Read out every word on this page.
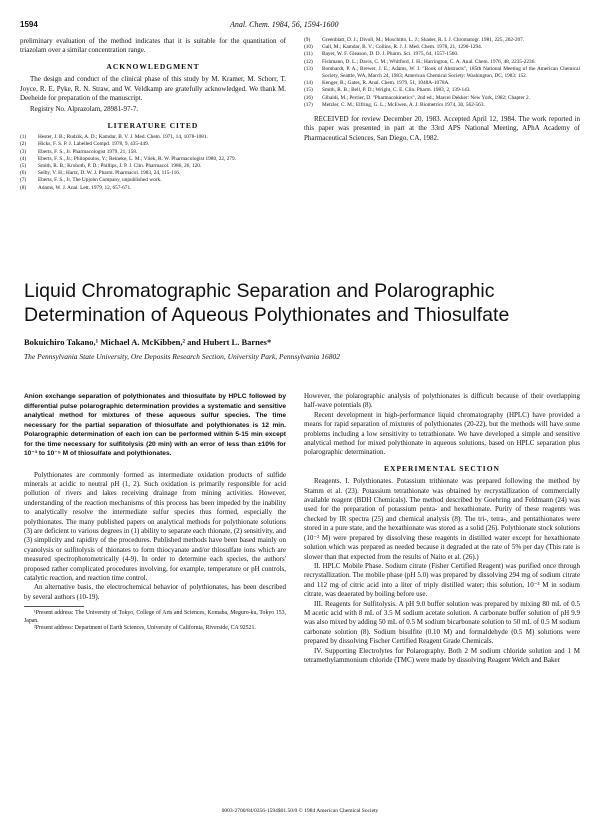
1594	Anal. Chem. 1984, 56, 1594-1600

preliminary evaluation of the method indicates that it is suitable for the quantitation of triazolam over a similar concentration range.

ACKNOWLEDGMENT

The design and conduct of the clinical phase of this study by M. Kramer, M. Schorr, T. Joyce, R. E. Pyke, R. N. Straw, and W. Veldkamp are gratefully acknowledged. We thank M. Deeheide for preparation of the manuscript.

Registry No. Alprazolam, 28981-97-7.

LITERATURE CITED
(1)	Hester, J. B.; Rudzik, A. D.; Kamdar, B. V. J. Med. Chem. 1971, 14, 1078-1081.
(2)	Hicks, F. S. P. J. Labelled Compd. 1978, 9, 435-449.
(3)	Eberts, F. S., Jr. Pharmacologist 1979, 21, 158.
(4)	Eberts, F. S., Jr.; Philopoulos, Y.; Reineke, L. M.; Vliek, R. W. Pharmacologist 1980, 22, 279.
(5)	Smith, R. B.; Kroboth, P. D.; Phillips, J. P. J. Clin. Pharmacol. 1986, 26, 120.
(6)	Selby, V. H.; Hartz, D. W. J. Pharm. Pharmacol. 1983, 24, 115-116.
(7)	Eberts, F. S., Jr. The Upjohn Company, unpublished work.
(8)	Adams, W. J. Anal. Lett. 1979, 12, 657-671.
(9)	Greenblatt, D. J.; Divoll, M.; Moschitto, L. J.; Shader, R. I. J. Chromatogr. 1981, 225, 202-207.
(10)	Gall, M.; Kamdar, B. V.; Collins, R. J. J. Med. Chem. 1978, 21, 1290-1294.
(11)	Bayer, W. F. Gleason, D. D. J. Pharm. Sci. 1975, 64, 1557-1560.
(12)	Fishmann, D. L.; Davis, C. M.; Whitford, J. H.; Harrington, C. A. Anal. Chem. 1976, 48, 2235-2236.
(13)	Bombardt, P. A.; Brewer, J. E.; Adams, W. J. "Book of Abstracts", 185th National Meeting of the American Chemical Society, Seattle, WA, March 24, 1983; American Chemical Society: Washington, DC, 1983; 152.
(14)	Kenger, B.; Gates, R. Anal. Chem. 1979, 51, 1048A-1078A.
(15)	Smith, R. B.; Bell, P. D.; Wright, C. E. Clin. Pharm. 1983, 2, 139-143.
(16)	Gibaldi, M.; Perrier, D. "Pharmacokinetics", 2nd ed.; Marcel Dekker: New York, 1982; Chapter 2.
(17)	Metzler, C. M.; Elfring, G. L.; McEwen, A. J. Biometrics 1974, 30, 562-563.

RECEIVED for review December 20, 1983. Accepted April 12, 1984. The work reported in this paper was presented in part at the 33rd APS National Meeting, APhA Academy of Pharmaceutical Sciences, San Diego, CA, 1982.

Liquid Chromatographic Separation and Polarographic
Determination of Aqueous Polythionates and Thiosulfate
Bokuichiro Takano,¹ Michael A. McKibben,² and Hubert L. Barnes*
The Pennsylvania State University, Ore Deposits Research Section, University Park, Pennsylvania 16802

Anion exchange separation of polythionates and thiosulfate by HPLC followed by differential pulse polarographic determination provides a systematic and sensitive analytical method for mixtures of these aqueous sulfur species. The time necessary for the partial separation of thiosulfate and polythionates is 12 min. Polarographic determination of each ion can be performed within 5-15 min except for the time necessary for sulfitolysis (20 min) with an error of less than ±10% for 10⁻³ to 10⁻⁵ M of thiosulfate and polythionates.

Polythionates are commonly formed as intermediate oxidation products of sulfide minerals at acidic to neutral pH (1, 2). Such oxidation is primarily responsible for acid pollution of rivers and lakes receiving drainage from mining activities. However, understanding of the reaction mechanisms of this process has been impeded by the inability to analytically resolve the intermediate sulfur species thus formed, especially the polythionates. The many published papers on analytical methods for polythionate solutions (3) are deficient to various degrees in (1) ability to separate each thionate, (2) sensitivity, and (3) simplicity and rapidity of the procedures. Published methods have been based mainly on cyanolysis or sulfitolysis of thionates to form thiocyanate and/or thiosulfate ions which are measured spectrophotometrically (4-9). In order to determine each species, the authors' proposed rather complicated procedures involving, for example, temperature or pH controls, catalytic reaction, and reaction time control.

An alternative basis, the electrochemical behavior of polythionates, has been described by several authors (10-19).

¹Present address: The University of Tokyo, College of Arts and Sciences, Komaba, Meguro-ku, Tokyo 153, Japan.

²Present address: Department of Earth Sciences, University of California, Riverside, CA 92521.

However, the polarographic analysis of polythionates is difficult because of their overlapping half-wave potentials (8).

Recent development in high-performance liquid chromatography (HPLC) have provided a means for rapid separation of mixtures of polythionates (20-22), but the methods will have some problems including a low sensitivity to tetrathionate. We have developed a simple and sensitive analytical method for mixed polythionate in aqueous solutions, based on HPLC separation plus polarographic determination.

EXPERIMENTAL SECTION

Reagents. I. Polythionates. Potassium trithionate was prepared following the method by Stamm et al. (23). Potassium tetrathionate was obtained by recrystallization of commercially available reagent (BDH Chemicals). The method described by Goehring and Feldmann (24) was used for the preparation of potassium penta- and hexathionate. Purity of these reagents was checked by IR spectra (25) and chemical analysis (8). The tri-, tetra-, and pentathionates were stored in a pure state, and the hexathionate was stored as a solid (26). Polythionate stock solutions (10⁻² M) were prepared by dissolving these reagents in distilled water except for hexathionate solution which was prepared as needed because it degraded at the rate of 5% per day (This rate is slower than that expected from the results of Naito et al. (26).)

II. HPLC Mobile Phase. Sodium citrate (Fisher Certified Reagent) was purified once through recrystallization. The mobile phase (pH 5.0) was prepared by dissolving 294 mg of sodium citrate and 112 mg of citric acid into a liter of triply distilled water; this solution, 10⁻³ M in sodium citrate, was deaerated by boiling before use.

III. Reagents for Sulfitolysis. A pH 9.0 buffer solution was prepared by mixing 80 mL of 0.5 M acetic acid with 8 mL of 3.5 M sodium acetate solution. A carbonate buffer solution of pH 9.9 was also mixed by adding 50 mL of 0.5 M sodium bicarbonate solution to 50 mL of 0.5 M sodium carbonate solution (8). Sodium bisulfite (0.10 M) and formaldehyde (0.5 M) solutions were prepared by dissolving Fischer Certified Reagent Grade Chemicals.

IV. Supporting Electrolytes for Polarography. Both 2 M sodium chloride solution and 1 M tetramethylammonium chloride (TMC) were made by dissolving Reagent Welch and Baker

0003-2700/84/0356-1594$01.50/0 © 1984 American Chemical Society
